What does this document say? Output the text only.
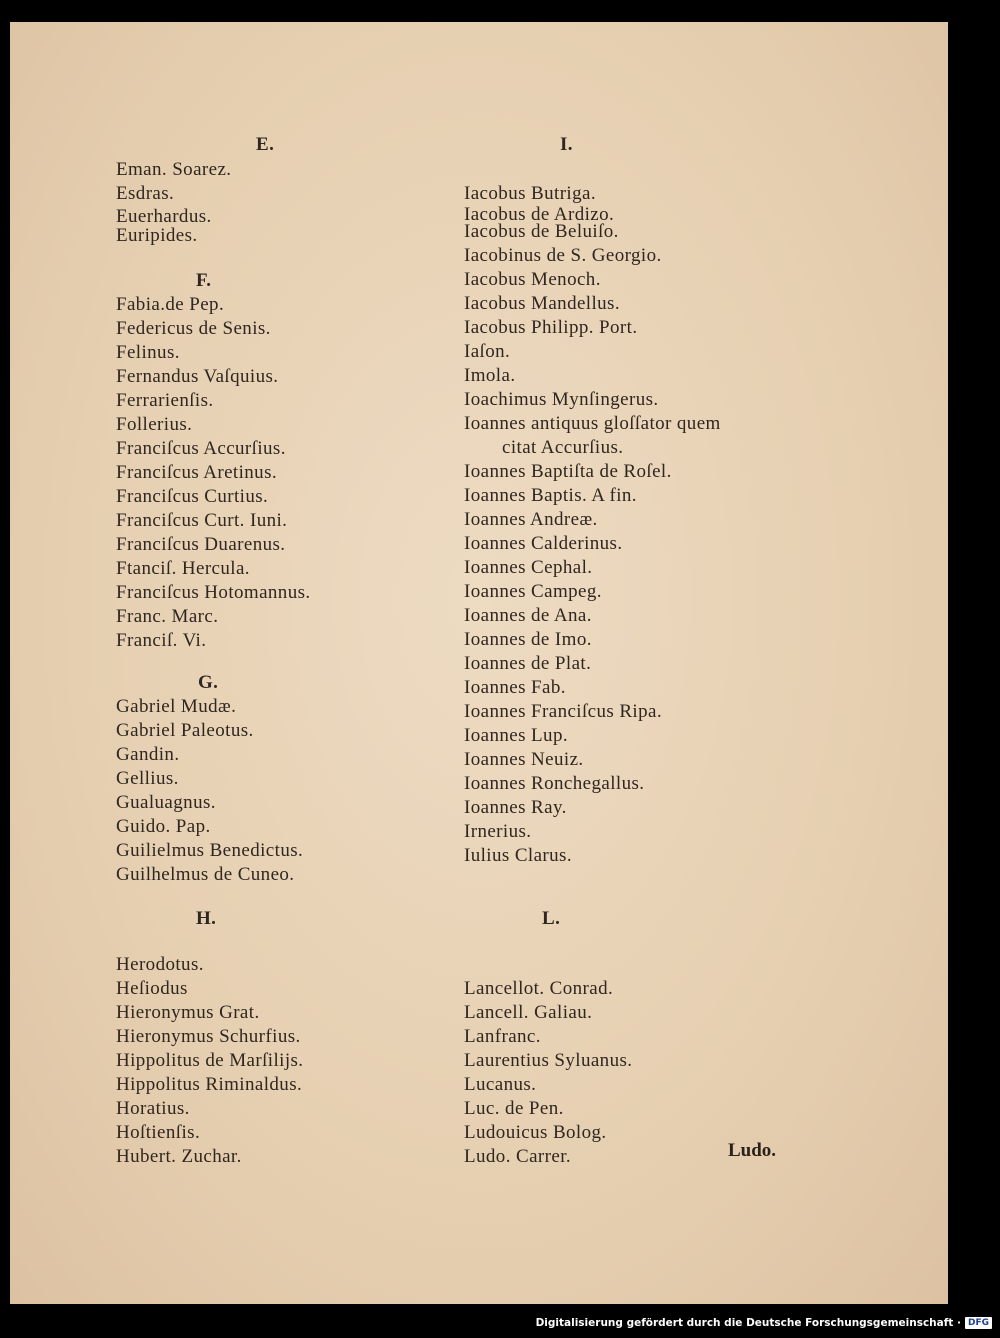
E.
Eman. Soarez.
Esdras.
Euerhardus.
Euripides.
F.
Fabia.de Pep.
Federicus de Senis.
Felinus.
Fernandus Vaſquius.
Ferrarienſis.
Follerius.
Franciſcus Accurſius.
Franciſcus Aretinus.
Franciſcus Curtius.
Franciſcus Curt. Iuni.
Franciſcus Duarenus.
Ftanciſ. Hercula.
Franciſcus Hotomannus.
Franc. Marc.
Franciſ. Vi.
G.
Gabriel Mudæ.
Gabriel Paleotus.
Gandin.
Gellius.
Gualuagnus.
Guido. Pap.
Guilielmus Benedictus.
Guilhelmus de Cuneo.
H.
Herodotus.
Heſiodus
Hieronymus Grat.
Hieronymus Schurfius.
Hippolitus de Marſilijs.
Hippolitus Riminaldus.
Horatius.
Hoſtienſis.
Hubert. Zuchar.
I.
Iacobus Butriga.
Iacobus de Ardizo.
Iacobus de Beluiſo.
Iacobinus de S. Georgio.
Iacobus Menoch.
Iacobus Mandellus.
Iacobus Philipp. Port.
Iaſon.
Imola.
Ioachimus Mynſingerus.
Ioannes antiquus gloſſator quem
citat Accurſius.
Ioannes Baptiſta de Roſel.
Ioannes Baptis. A fin.
Ioannes Andreæ.
Ioannes Calderinus.
Ioannes Cephal.
Ioannes Campeg.
Ioannes de Ana.
Ioannes de Imo.
Ioannes de Plat.
Ioannes Fab.
Ioannes Franciſcus Ripa.
Ioannes Lup.
Ioannes Neuiz.
Ioannes Ronchegallus.
Ioannes Ray.
Irnerius.
Iulius Clarus.
L.
Lancellot. Conrad.
Lancell. Galiau.
Lanfranc.
Laurentius Syluanus.
Lucanus.
Luc. de Pen.
Ludouicus Bolog.
Ludo. Carrer.	Ludo.
Digitalisierung gefördert durch die Deutsche Forschungsgemeinschaft · DFG
